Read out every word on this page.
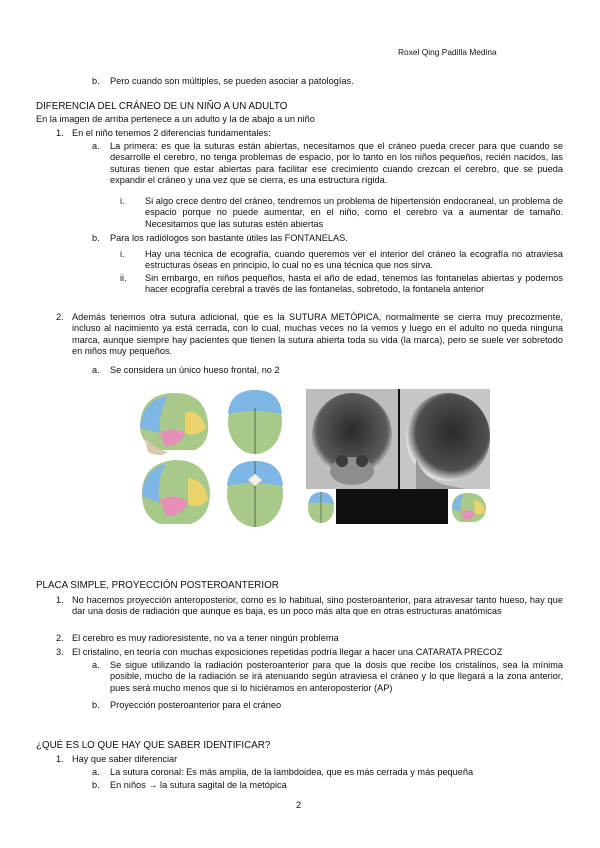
Roxel Qing Padilla Medina
b. Pero cuando son múltiples, se pueden asociar a patologías.
DIFERENCIA DEL CRÁNEO DE UN NIÑO A UN ADULTO
En la imagen de arriba pertenece a un adulto y la de abajo a un niño
1. En el niño tenemos 2 diferencias fundamentales:
a. La primera: es que la suturas están abiertas, necesitamos que el cráneo pueda crecer para que cuando se desarrolle el cerebro, no tenga problemas de espacio, por lo tanto en los niños pequeños, recién nacidos, las suturas tienen que estar abiertas para facilitar ese crecimiento cuando crezcan el cerebro, que se pueda expandir el cráneo y una vez que se cierra, es una estructura rígida.
i. Si algo crece dentro del cráneo, tendremos un problema de hipertensión endocraneal, un problema de espacio porque no puede aumentar, en el niño, como el cerebro va a aumentar de tamaño. Necesitamos que las suturas estén abiertas
b. Para los radiólogos son bastante útiles las FONTANELAS.
i. Hay una técnica de ecografía, cuando queremos ver el interior del cráneo la ecografía no atraviesa estructuras óseas en principio, lo cual no es una técnica que nos sirva.
ii. Sin embargo, en niños pequeños, hasta el año de edad, tenemos las fontanelas abiertas y podemos hacer ecografía cerebral a través de las fontanelas, sobretodo, la fontanela anterior
2. Además tenemos otra sutura adicional, que es la SUTURA METÓPICA, normalmente se cierra muy precozmente, incluso al nacimiento ya está cerrada, con lo cual, muchas veces no la vemos y luego en el adulto no queda ninguna marca, aunque siempre hay pacientes que tienen la sutura abierta toda su vida (la marca), pero se suele ver sobretodo en niños muy pequeños.
a. Se considera un único hueso frontal, no 2
PLACA SIMPLE, PROYECCIÓN POSTEROANTERIOR
1. No hacemos proyección anteroposterior, como es lo habitual, sino posteroanterior, para atravesar tanto hueso, hay que dar una dosis de radiación que aunque es baja, es un poco más alta que en otras estructuras anatómicas
2. El cerebro es muy radioresistente, no va a tener ningún problema
3. El cristalino, en teoría con muchas exposiciones repetidas podría llegar a hacer una CATARATA PRECOZ
a. Se sigue utilizando la radiación posteroanterior para que la dosis que recibe los cristalinos, sea la mínima posible, mucho de la radiación se irá atenuando según atraviesa el cráneo y lo que llegará a la zona anterior, pues será mucho menos que si lo hiciéramos en anteroposterior (AP)
b. Proyección posteroanterior para el cráneo
¿QUÉ ES LO QUE HAY QUE SABER IDENTIFICAR?
1. Hay que saber diferenciar
a. La sutura coronal: Es más amplia, de la lambdoidea, que es más cerrada y más pequeña
b. En niños → la sutura sagital de la metópica
2
